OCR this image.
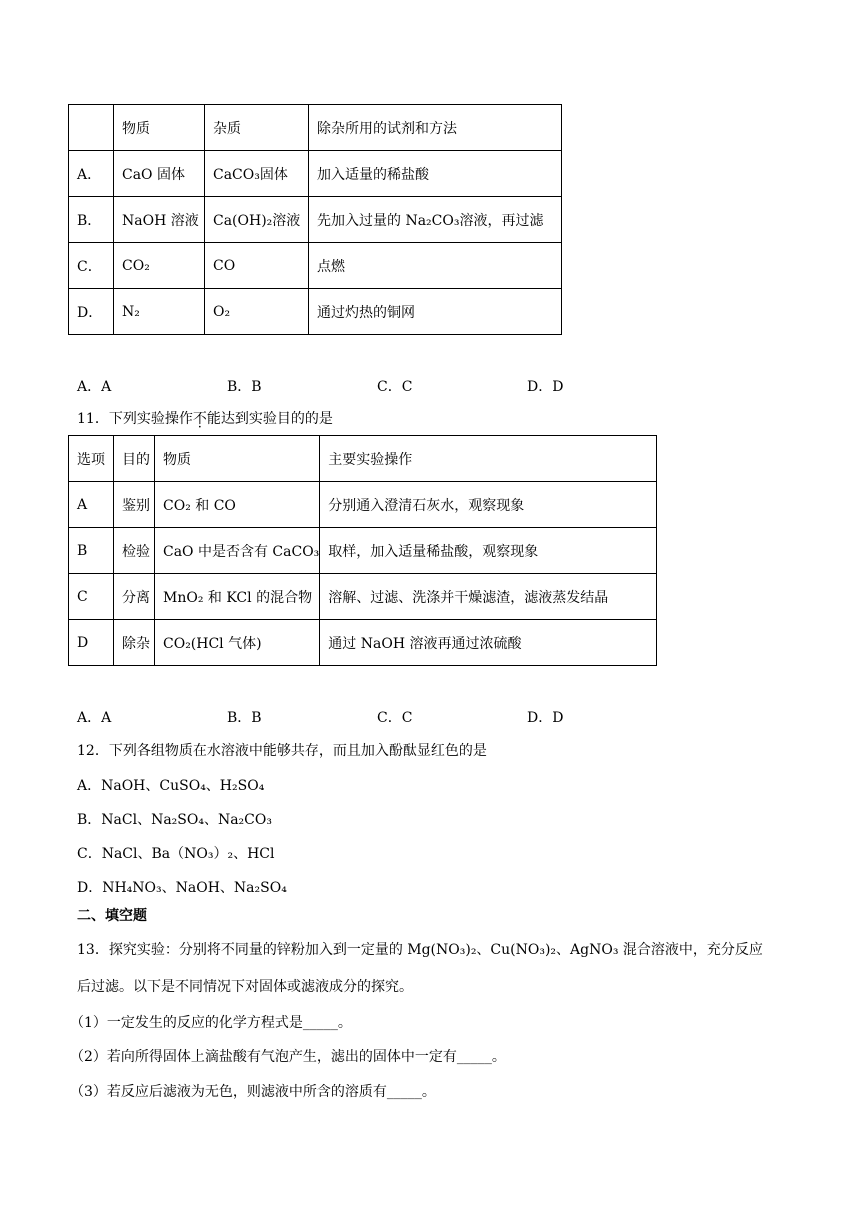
	物质	杂质	除杂所用的试剂和方法
A．	CaO 固体	CaCO₃固体	加入适量的稀盐酸
B．	NaOH 溶液	Ca(OH)₂溶液	先加入过量的 Na₂CO₃溶液，再过滤
C．	CO₂	CO	点燃
D．	N₂	O₂	通过灼热的铜网
A．A	B．B	C．C	D．D
11．下列实验操作不能达到实验目的的是
选项	目的	物质	主要实验操作
A	鉴别	CO₂ 和 CO	分别通入澄清石灰水，观察现象
B	检验	CaO 中是否含有 CaCO₃	取样，加入适量稀盐酸，观察现象
C	分离	MnO₂ 和 KCl 的混合物	溶解、过滤、洗涤并干燥滤渣，滤液蒸发结晶
D	除杂	CO₂(HCl 气体)	通过 NaOH 溶液再通过浓硫酸
A．A	B．B	C．C	D．D
12．下列各组物质在水溶液中能够共存，而且加入酚酞显红色的是
A．NaOH、CuSO₄、H₂SO₄
B．NaCl、Na₂SO₄、Na₂CO₃
C．NaCl、Ba（NO₃）₂、HCl
D．NH₄NO₃、NaOH、Na₂SO₄
二、填空题
13．探究实验：分别将不同量的锌粉加入到一定量的 Mg(NO₃)₂、Cu(NO₃)₂、AgNO₃ 混合溶液中，充分反应
后过滤。以下是不同情况下对固体或滤液成分的探究。
（1）一定发生的反应的化学方程式是_____。
（2）若向所得固体上滴盐酸有气泡产生，滤出的固体中一定有_____。
（3）若反应后滤液为无色，则滤液中所含的溶质有_____。
